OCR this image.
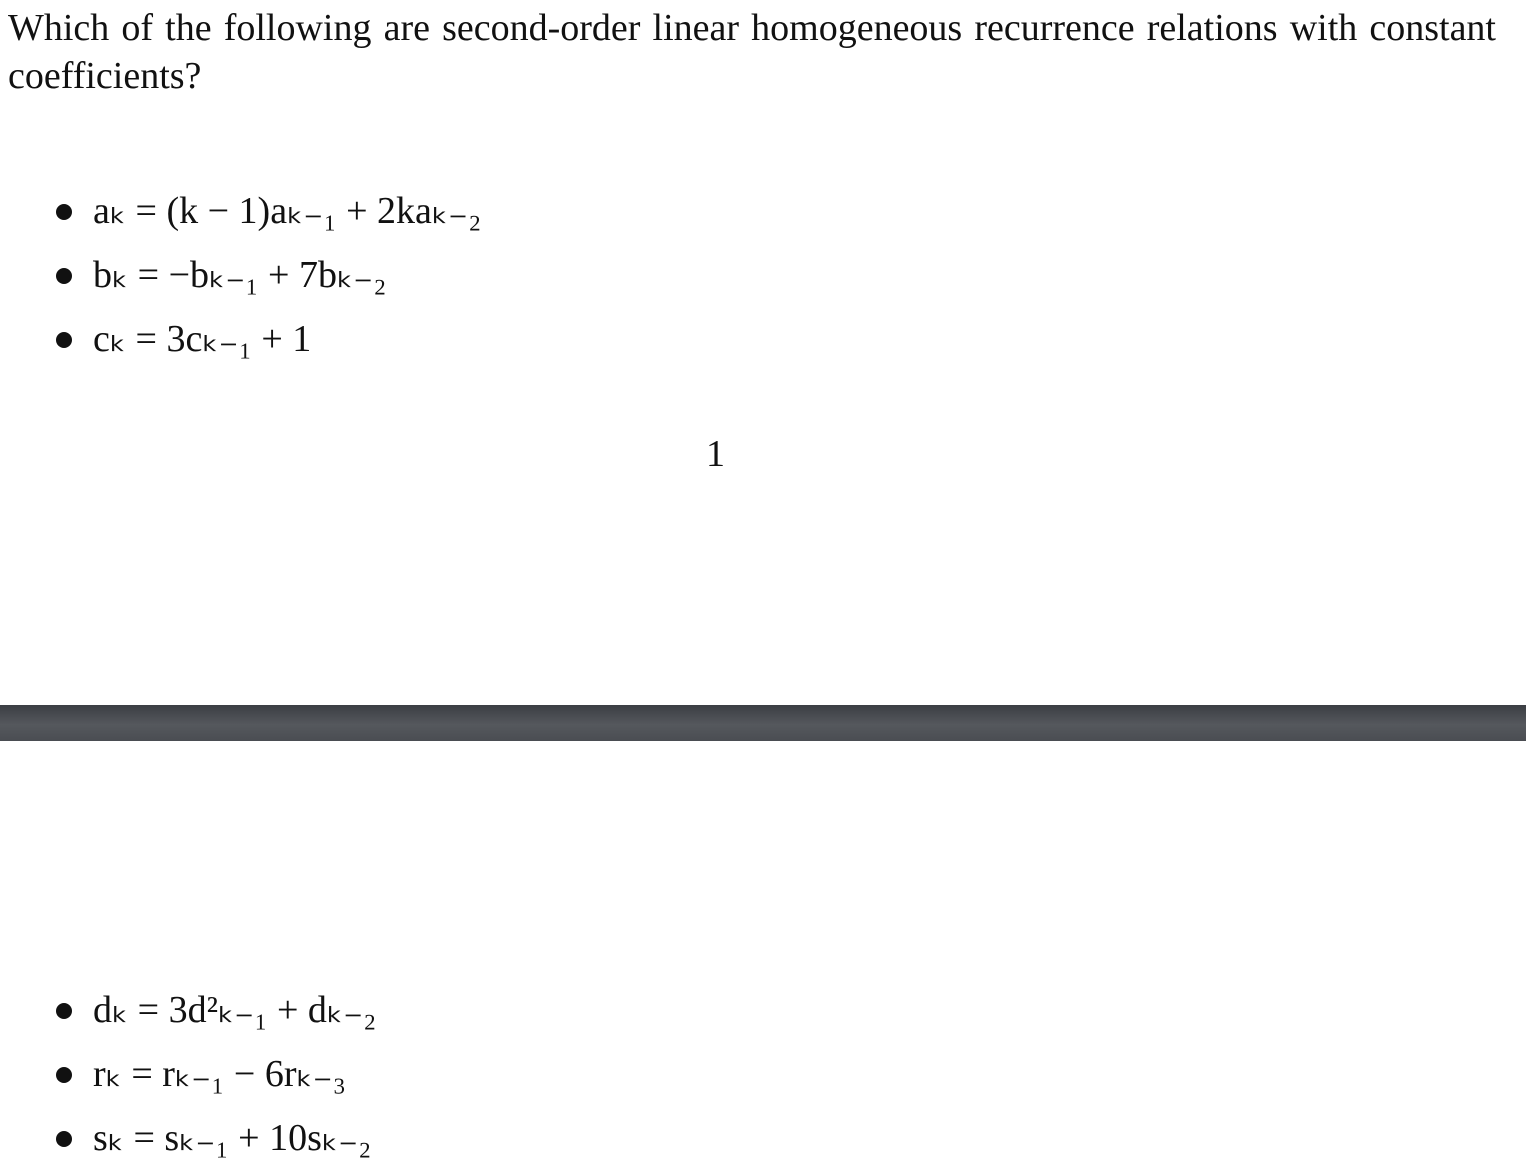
Which of the following are second-order linear homogeneous recurrence relations with constant coefficients?

aₖ = (k − 1)aₖ₋₁ + 2kaₖ₋₂
bₖ = −bₖ₋₁ + 7bₖ₋₂
cₖ = 3cₖ₋₁ + 1

1

dₖ = 3d²ₖ₋₁ + dₖ₋₂
rₖ = rₖ₋₁ − 6rₖ₋₃
sₖ = sₖ₋₁ + 10sₖ₋₂
